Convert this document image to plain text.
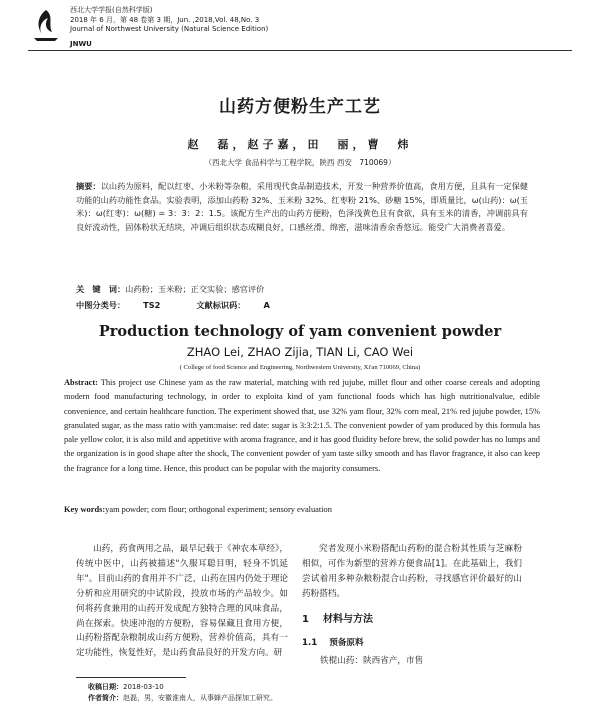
西北大学学报(自然科学版)
2018 年 6 月，第 48 卷第 3 期，Jun. ,2018,Vol. 48,No. 3
Journal of Northwest University (Natural Science Edition)
JNWU
山药方便粉生产工艺
赵　磊，赵子嘉，田　丽，曹　炜
（西北大学 食品科学与工程学院，陕西 西安　710069）
摘要：以山药为原料，配以红枣、小米粉等杂粮，采用现代食品制造技术，开发一种营养价值高，食用方便，且具有一定保健功能的山药功能性食品。实验表明，添加山药粉 32%、玉米粉 32%、红枣粉 21%、砂糖 15%，即质量比，ω(山药)：ω(玉米)：ω(红枣)：ω(糖) = 3：3：2：1.5。该配方生产出的山药方便粉，色泽浅黄色且有食欲，具有玉米的清香，冲调前具有良好流动性，固体粉状无结块，冲调后组织状态成糊良好，口感丝滑、绵密，滋味清香余香悠远。能受广大消费者喜爱。
关　键　词：山药粉；玉米粉；正交实验；感官评价
中图分类号： TS2	文献标识码： A
Production technology of yam convenient powder
ZHAO Lei, ZHAO Zijia, TIAN Li, CAO Wei
( College of food Science and Engineering, Northwestern University, Xi'an 710069, China)
Abstract: This project use Chinese yam as the raw material, matching with red jujube, millet flour and other coarse cereals and adopting modern food manufacturing technology, in order to exploita kind of yam functional foods which has high nutritionalvalue, edible convenience, and certain healthcare function. The experiment showed that, use 32% yam flour, 32% corn meal, 21% red jujube powder, 15% granulated sugar, as the mass ratio with yam:maise: red date: sugar is 3:3:2:1.5. The convenient powder of yam produced by this formula has pale yellow color, it is also mild and appetitive with aroma fragrance, and it has good fluidity before brew, the solid powder has no lumps and the organization is in good shape after the shock, The convenient powder of yam taste silky smooth and has flavor fragrance, it also can keep the fragrance for a long time. Hence, this product can be popular with the majority consumers.
Key words:yam powder; corn flour; orthogonal experiment; sensory evaluation
山药，药食两用之品，最早记载于《神农本草经》，传统中医中，山药被描述"久服耳聪目明，轻身不饥延年"。目前山药的食用并不广泛，山药在国内仍处于理论分析和应用研究的中试阶段，投放市场的产品较少。如何将药食兼用的山药开发成配方独特合理的风味食品，尚在探索。快速冲泡的方便粉，容易保藏且食用方便，山药粉搭配杂粮制成山药方便粉，营养价值高，具有一定功能性，恢复性好，是山药食品良好的开发方向。研
究者发现小米粉搭配山药粉的混合粉其性质与芝麻粉相似，可作为新型的营养方便食品[1]。在此基础上，我们尝试着用多种杂粮粉混合山药粉，寻找感官评价最好的山药粉搭档。
1 材料与方法
1.1 预备原料
铁棍山药：陕西省产，市售
收稿日期：2018-03-10
作者简介：赵磊，男，安徽淮南人，从事蜂产品探加工研究。
